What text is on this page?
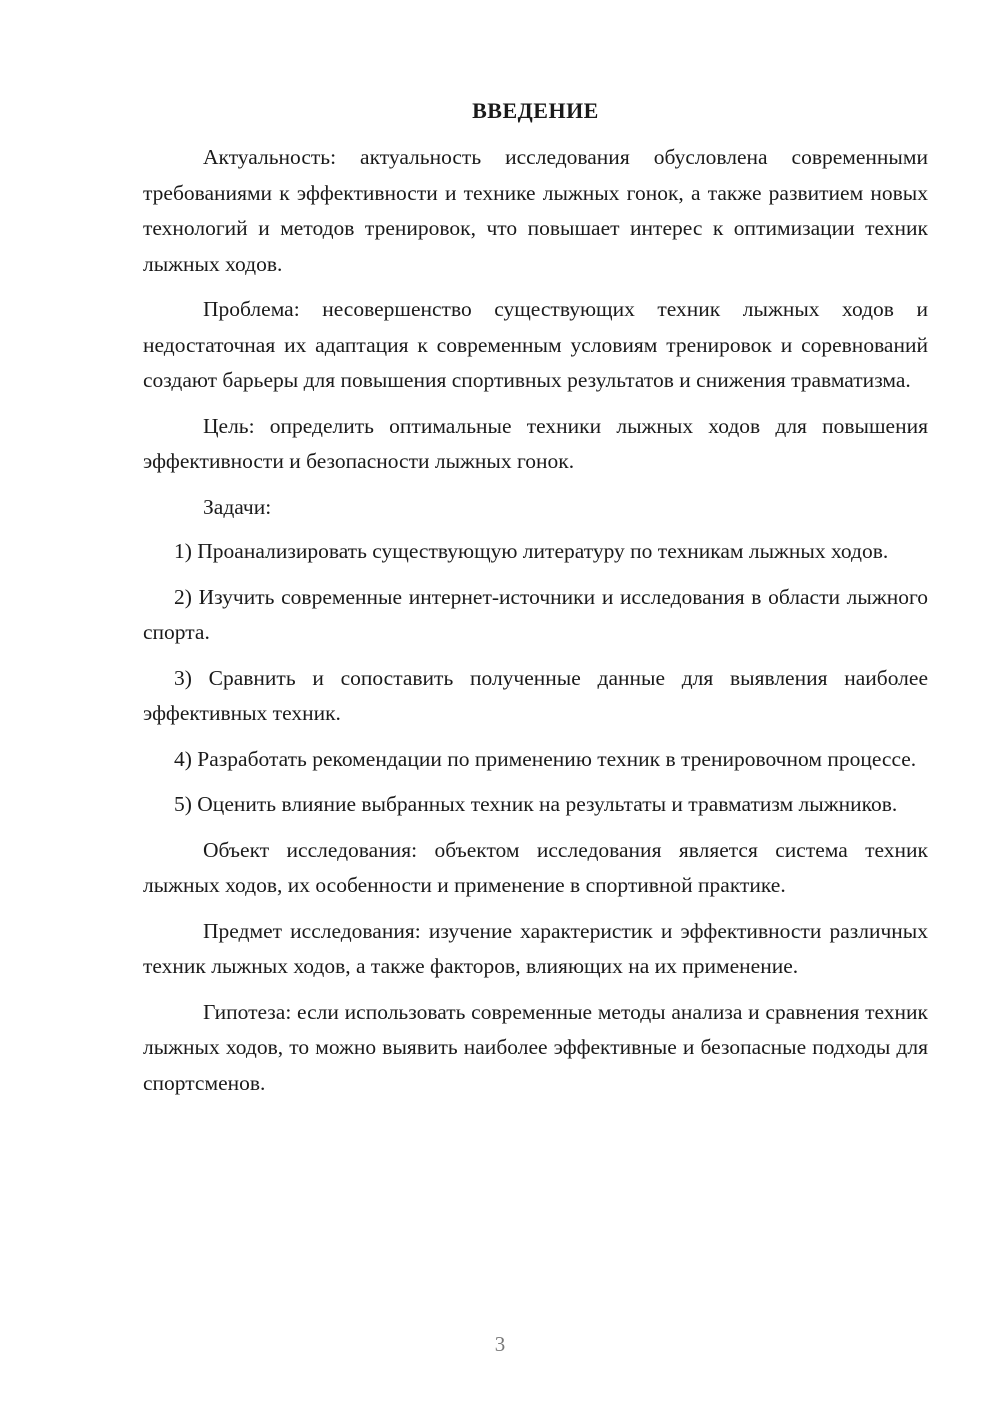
ВВЕДЕНИЕ

Актуальность: актуальность исследования обусловлена современными требованиями к эффективности и технике лыжных гонок, а также развитием новых технологий и методов тренировок, что повышает интерес к оптимизации техник лыжных ходов.

Проблема: несовершенство существующих техник лыжных ходов и недостаточная их адаптация к современным условиям тренировок и соревнований создают барьеры для повышения спортивных результатов и снижения травматизма.

Цель: определить оптимальные техники лыжных ходов для повышения эффективности и безопасности лыжных гонок.

Задачи:

1) Проанализировать существующую литературу по техникам лыжных ходов.

2) Изучить современные интернет-источники и исследования в области лыжного спорта.

3) Сравнить и сопоставить полученные данные для выявления наиболее эффективных техник.

4) Разработать рекомендации по применению техник в тренировочном процессе.

5) Оценить влияние выбранных техник на результаты и травматизм лыжников.

Объект исследования: объектом исследования является система техник лыжных ходов, их особенности и применение в спортивной практике.

Предмет исследования: изучение характеристик и эффективности различных техник лыжных ходов, а также факторов, влияющих на их применение.

Гипотеза: если использовать современные методы анализа и сравнения техник лыжных ходов, то можно выявить наиболее эффективные и безопасные подходы для спортсменов.

3
